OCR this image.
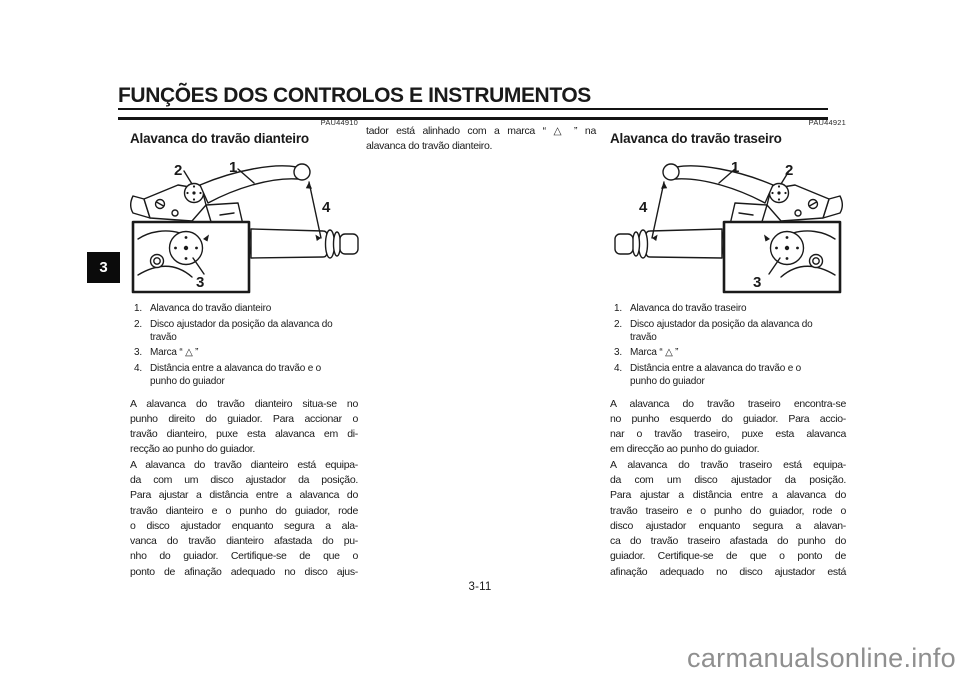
FUNÇÕES DOS CONTROLOS E INSTRUMENTOS
3
PAU44910
Alavanca do travão dianteiro
2	1
4
3
1. Alavanca do travão dianteiro
2. Disco ajustador da posição da alavanca do travão
3. Marca “ △ ”
4. Distância entre a alavanca do travão e o punho do guiador
A alavanca do travão dianteiro situa-se no
punho direito do guiador. Para accionar o
travão dianteiro, puxe esta alavanca em di-
recção ao punho do guiador.
A alavanca do travão dianteiro está equipa-
da com um disco ajustador da posição.
Para ajustar a distância entre a alavanca do
travão dianteiro e o punho do guiador, rode
o disco ajustador enquanto segura a ala-
vanca do travão dianteiro afastada do pu-
nho do guiador. Certifique-se de que o
ponto de afinação adequado no disco ajus-
tador está alinhado com a marca “ △ ” na
alavanca do travão dianteiro.
PAU44921
Alavanca do travão traseiro
1	2
4
3
1. Alavanca do travão traseiro
2. Disco ajustador da posição da alavanca do travão
3. Marca “ △ ”
4. Distância entre a alavanca do travão e o punho do guiador
A alavanca do travão traseiro encontra-se
no punho esquerdo do guiador. Para accio-
nar o travão traseiro, puxe esta alavanca
em direcção ao punho do guiador.
A alavanca do travão traseiro está equipa-
da com um disco ajustador da posição.
Para ajustar a distância entre a alavanca do
travão traseiro e o punho do guiador, rode o
disco ajustador enquanto segura a alavan-
ca do travão traseiro afastada do punho do
guiador. Certifique-se de que o ponto de
afinação adequado no disco ajustador está
3-11
carmanualsonline.info
